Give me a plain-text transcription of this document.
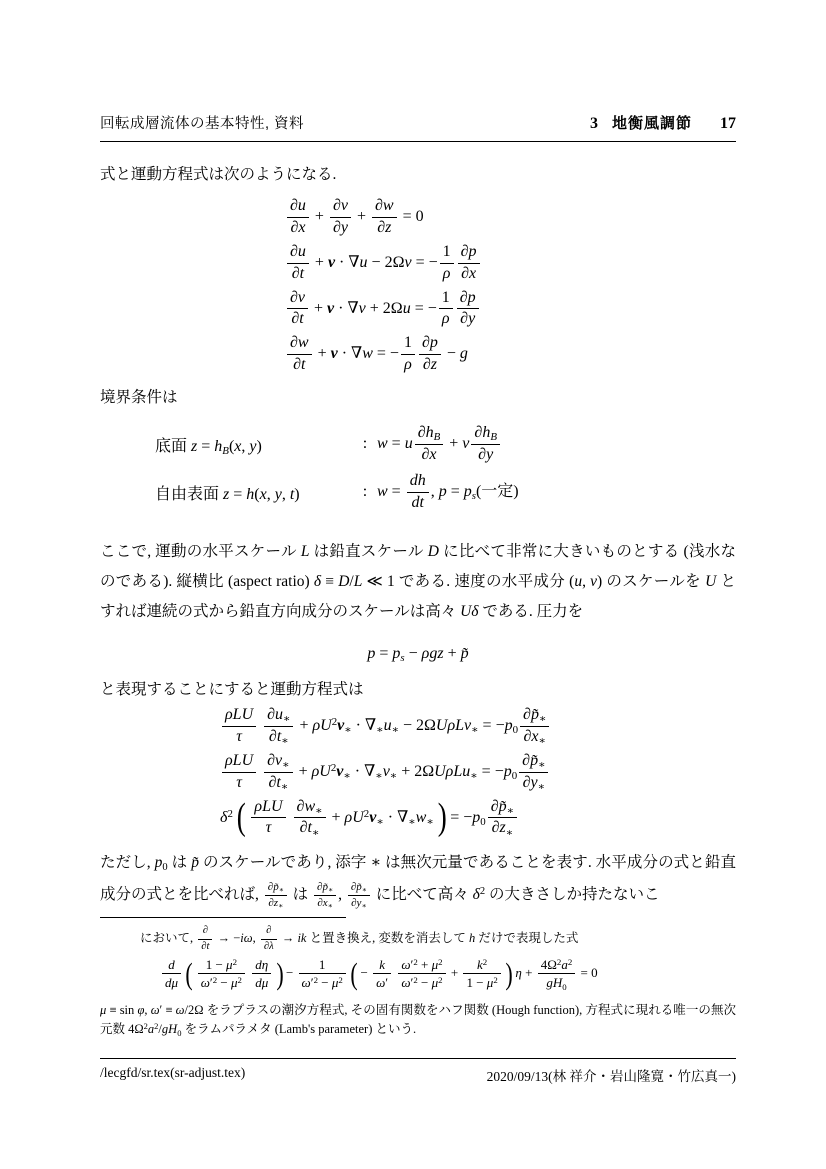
回転成層流体の基本特性, 資料	3 地衡風調節 17
式と運動方程式は次のようになる.
$\frac{\partial u}{\partial x} + \frac{\partial v}{\partial y} + \frac{\partial w}{\partial z} = 0$
$\frac{\partial u}{\partial t} + v \cdot \nabla u - 2\Omega v$ = − $\frac{1}{\rho} \frac{\partial p}{\partial x}$
$\frac{\partial v}{\partial t} + v \cdot \nabla v + 2\Omega u$ = − $\frac{1}{\rho} \frac{\partial p}{\partial y}$
$\frac{\partial w}{\partial t} + v \cdot \nabla w$ = − $\frac{1}{\rho} \frac{\partial p}{\partial z} - g$
境界条件は
底面 $z = h_B(x$, y)	: w = u $\frac{\partial h_B}{\partial x} + v \frac{\partial h_B}{\partial y}$
自由表面 z = h(x, y, t)	: $w = \frac{dh}{dt}$ , $p = p_s$(一定)
ここで, 運動の水平スケール L は鉛直スケール D に比べて非常に大きいものとする (浅水なのである). 縦横比 (aspect ratio) δ ≡ D/L ≪ 1 である. 速度の水平成分 (u, v) のスケールを U とすれば連続の式から鉛直方向成分のスケールは高々 Uδ である. 圧力を
$p = p_s - \rho gz$ + p̃
と表現することにすると運動方程式は
$\frac{\text{ρLU}}{\tau}$
$\frac{\partial u_∗}{\partial t_∗} + \rho U^2v_∗ \cdot \nabla_∗u_∗ - 2\Omega U\rho Lv_∗ = -p_0 \frac{\partial p̃_∗}{\partial x_∗}$
$\frac{\text{ρLU}}{\tau}$
$\frac{\partial v_∗}{\partial t_∗} + \rho U^2v_∗ \cdot \nabla_∗v_∗ + 2\Omega U\rho Lu_∗ = -p_0 \frac{\partial p̃_∗}{\partial y_∗}$
$\delta^2$ ( $\frac{\text{ρLU}}{\tau}$
$\frac{\partial w_∗}{\partial t_∗} + \rho U^2v_∗ \cdot \nabla_∗w_∗$ ) = $-p_0 \frac{\partial p̃_∗}{\partial z_∗}$
ただし, $p_0$ は p̃ のスケールであり, 添字 ∗ は無次元量であることを表す. 水平成分の式と鉛直成分の式とを比べれば, $\frac{\partial p̃_∗}{\partial z_∗}$ は $\frac{\partial p̃_∗}{\partial x_∗}$ , $\frac{\partial p̃_∗}{\partial y_∗}$ に比べて高々 $\delta^2$ の大きさしか持たないこ
において, $\frac{\partial}{\partial t} \to -i\omega$, $\frac{\partial}{\partial\lambda}$ → ik と置き換え, 変数を消去して h だけで表現した式
$\frac{d}{d\mu}$ ( $\frac{1 - \mu^2}{\omega'^2 - \mu^2}$
$\frac{d\eta}{d\mu}$ ) − $\frac{1}{\omega'^2 - \mu^2}$ ( − $\frac{k}{\omega'}$
$\frac{\omega'^2 + \mu^2}{\omega'^2 - \mu^2} + \frac{k^2}{1 - \mu^2}$ ) $\eta + \frac{4\Omega^2a^2}{gH_0} = 0$
μ ≡ sin φ, ω′ ≡ ω/2Ω をラプラスの潮汐方程式, その固有関数をハフ関数 (Hough function), 方程式に現れる唯一の無次元数 $4\Omega^2a^2/gH_0$ をラムパラメタ (Lamb's parameter) という.
/lecgfd/sr.tex(sr-adjust.tex)	2020/09/13(林 祥介・岩山隆寛・竹広真一)
